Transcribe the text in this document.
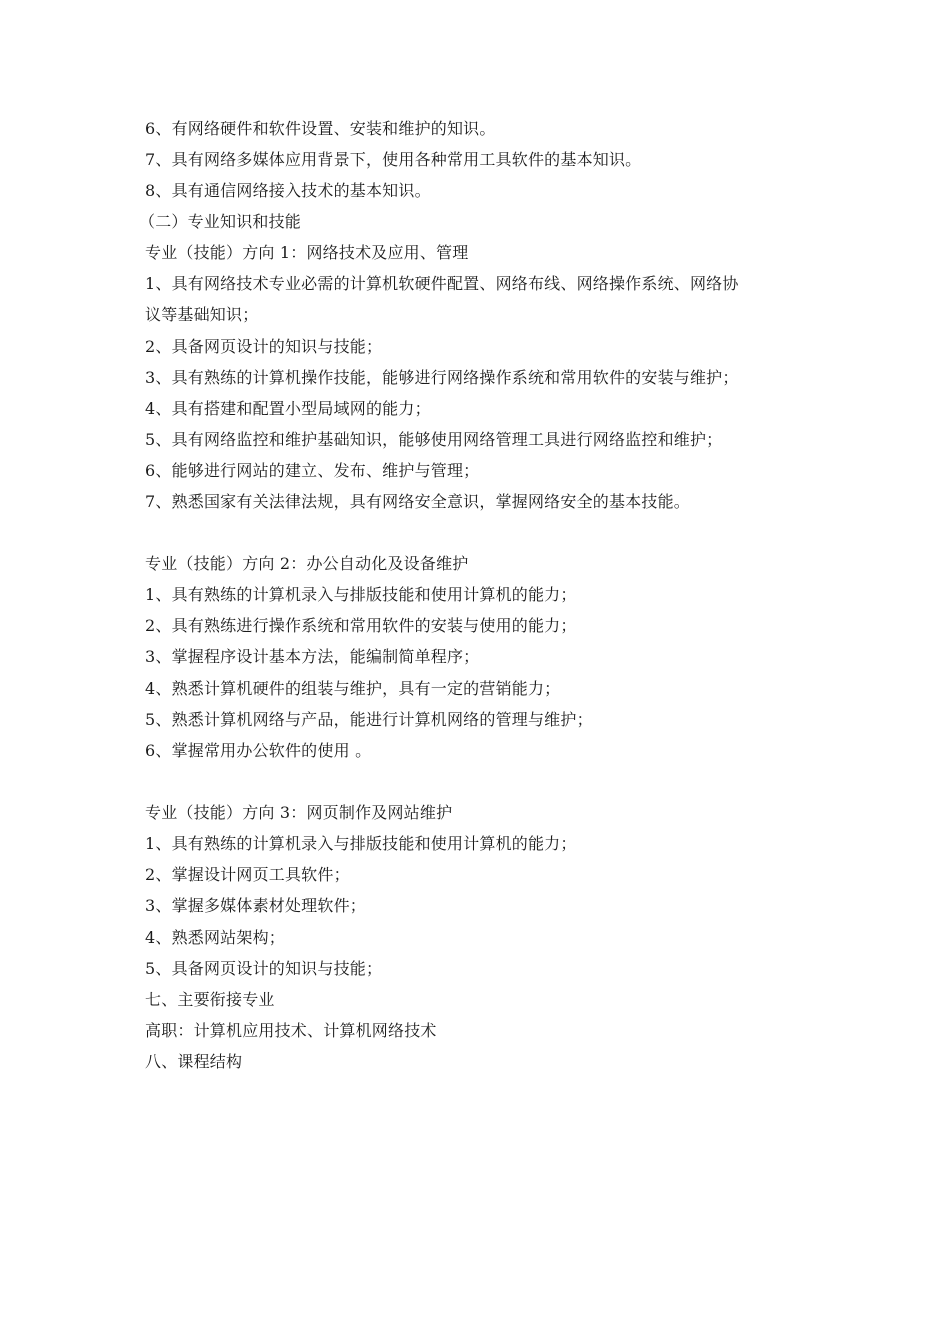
6、有网络硬件和软件设置、安装和维护的知识。
7、具有网络多媒体应用背景下，使用各种常用工具软件的基本知识。
8、具有通信网络接入技术的基本知识。
（二）专业知识和技能
专业（技能）方向 1：网络技术及应用、管理
1、具有网络技术专业必需的计算机软硬件配置、网络布线、网络操作系统、网络协
议等基础知识；
2、具备网页设计的知识与技能；
3、具有熟练的计算机操作技能，能够进行网络操作系统和常用软件的安装与维护；
4、具有搭建和配置小型局域网的能力；
5、具有网络监控和维护基础知识，能够使用网络管理工具进行网络监控和维护；
6、能够进行网站的建立、发布、维护与管理；
7、熟悉国家有关法律法规，具有网络安全意识，掌握网络安全的基本技能。
专业（技能）方向 2：办公自动化及设备维护
1、具有熟练的计算机录入与排版技能和使用计算机的能力；
2、具有熟练进行操作系统和常用软件的安装与使用的能力；
3、掌握程序设计基本方法，能编制简单程序；
4、熟悉计算机硬件的组装与维护，具有一定的营销能力；
5、熟悉计算机网络与产品，能进行计算机网络的管理与维护；
6、掌握常用办公软件的使用 。
专业（技能）方向 3：网页制作及网站维护
1、具有熟练的计算机录入与排版技能和使用计算机的能力；
2、掌握设计网页工具软件；
3、掌握多媒体素材处理软件；
4、熟悉网站架构；
5、具备网页设计的知识与技能；
七、主要衔接专业
高职：计算机应用技术、计算机网络技术
八、课程结构
